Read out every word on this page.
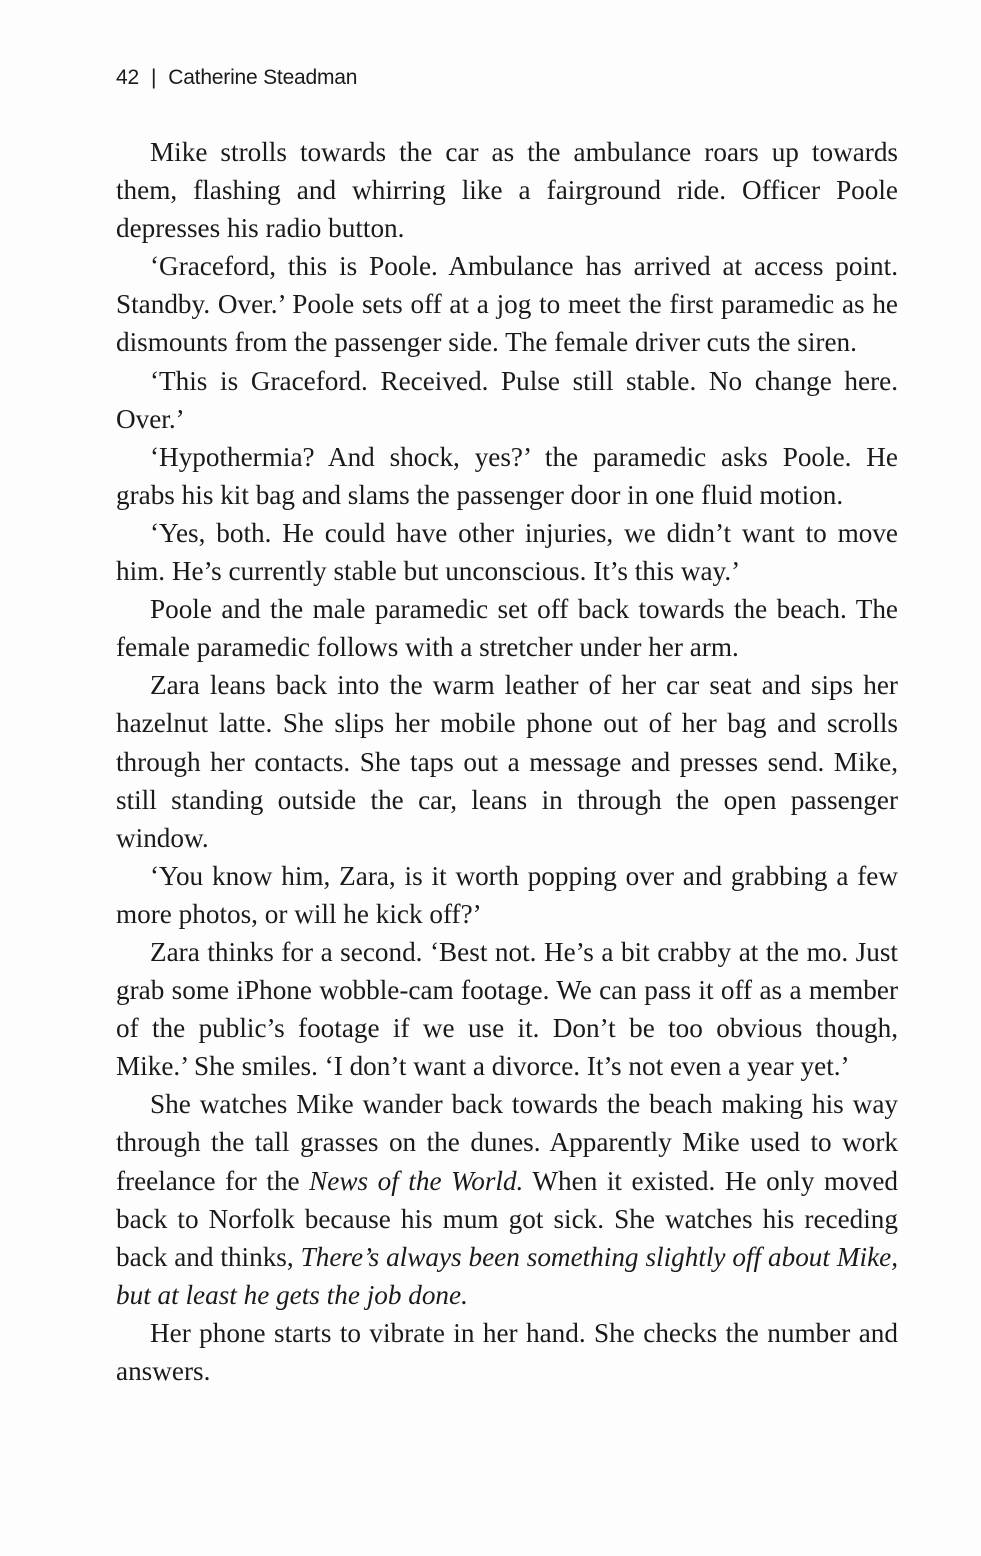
42 | Catherine Steadman

Mike strolls towards the car as the ambulance roars up towards them, flashing and whirring like a fairground ride. Officer Poole depresses his radio button.

‘Graceford, this is Poole. Ambulance has arrived at access point. Standby. Over.’ Poole sets off at a jog to meet the first paramedic as he dismounts from the passenger side. The female driver cuts the siren.

‘This is Graceford. Received. Pulse still stable. No change here. Over.’

‘Hypothermia? And shock, yes?’ the paramedic asks Poole. He grabs his kit bag and slams the passenger door in one fluid motion.

‘Yes, both. He could have other injuries, we didn’t want to move him. He’s currently stable but unconscious. It’s this way.’

Poole and the male paramedic set off back towards the beach. The female paramedic follows with a stretcher under her arm.

Zara leans back into the warm leather of her car seat and sips her hazelnut latte. She slips her mobile phone out of her bag and scrolls through her contacts. She taps out a message and presses send. Mike, still standing outside the car, leans in through the open passenger window.

‘You know him, Zara, is it worth popping over and grabbing a few more photos, or will he kick off?’

Zara thinks for a second. ‘Best not. He’s a bit crabby at the mo. Just grab some iPhone wobble-cam footage. We can pass it off as a member of the public’s footage if we use it. Don’t be too obvious though, Mike.’ She smiles. ‘I don’t want a divorce. It’s not even a year yet.’

She watches Mike wander back towards the beach making his way through the tall grasses on the dunes. Apparently Mike used to work freelance for the News of the World. When it existed. He only moved back to Norfolk because his mum got sick. She watches his receding back and thinks, There’s always been something slightly off about Mike, but at least he gets the job done.

Her phone starts to vibrate in her hand. She checks the number and answers.
